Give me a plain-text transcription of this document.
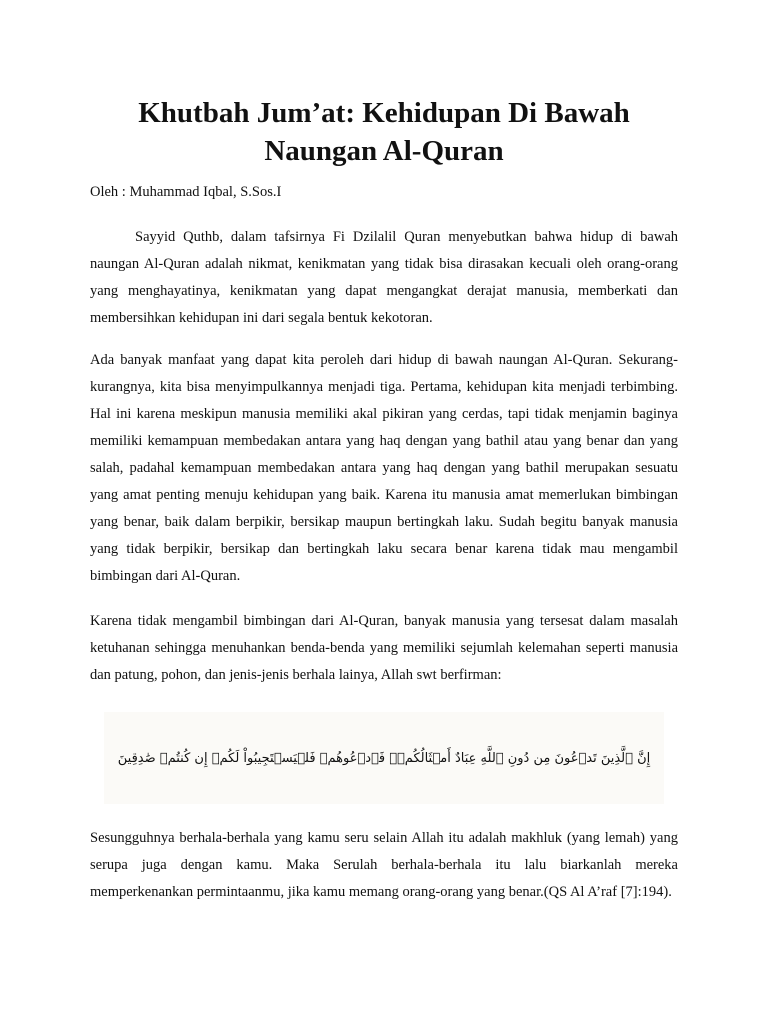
Khutbah Jum’at: Kehidupan Di Bawah Naungan Al-Quran

Oleh : Muhammad Iqbal, S.Sos.I

Sayyid Quthb, dalam tafsirnya Fi Dzilalil Quran menyebutkan bahwa hidup di bawah naungan Al-Quran adalah nikmat, kenikmatan yang tidak bisa dirasakan kecuali oleh orang-orang yang menghayatinya, kenikmatan yang dapat mengangkat derajat manusia, memberkati dan membersihkan kehidupan ini dari segala bentuk kekotoran.

Ada banyak manfaat yang dapat kita peroleh dari hidup di bawah naungan Al-Quran. Sekurang-kurangnya, kita bisa menyimpulkannya menjadi tiga. Pertama, kehidupan kita menjadi terbimbing. Hal ini karena meskipun manusia memiliki akal pikiran yang cerdas, tapi tidak menjamin baginya memiliki kemampuan membedakan antara yang haq dengan yang bathil atau yang benar dan yang salah, padahal kemampuan membedakan antara yang haq dengan yang bathil merupakan sesuatu yang amat penting menuju kehidupan yang baik. Karena itu manusia amat memerlukan bimbingan yang benar, baik dalam berpikir, bersikap maupun bertingkah laku. Sudah begitu banyak manusia yang tidak berpikir, bersikap dan bertingkah laku secara benar karena tidak mau mengambil bimbingan dari Al-Quran.

Karena tidak mengambil bimbingan dari Al-Quran, banyak manusia yang tersesat dalam masalah ketuhanan sehingga menuhankan benda-benda yang memiliki sejumlah kelemahan seperti manusia dan patung, pohon, dan jenis-jenis berhala lainya, Allah swt berfirman:

إِنَّ ٱلَّذِينَ تَدۡعُونَ مِن دُونِ ٱللَّهِ عِبَادٌ أَمۡثَالُكُمۡۖ فَٱدۡعُوهُمۡ فَلۡيَسۡتَجِيبُواْ لَكُمۡ إِن كُنتُمۡ صَٰدِقِينَ

Sesungguhnya berhala-berhala yang kamu seru selain Allah itu adalah makhluk (yang lemah) yang serupa juga dengan kamu. Maka Serulah berhala-berhala itu lalu biarkanlah mereka memperkenankan permintaanmu, jika kamu memang orang-orang yang benar.(QS Al A’raf [7]:194).
